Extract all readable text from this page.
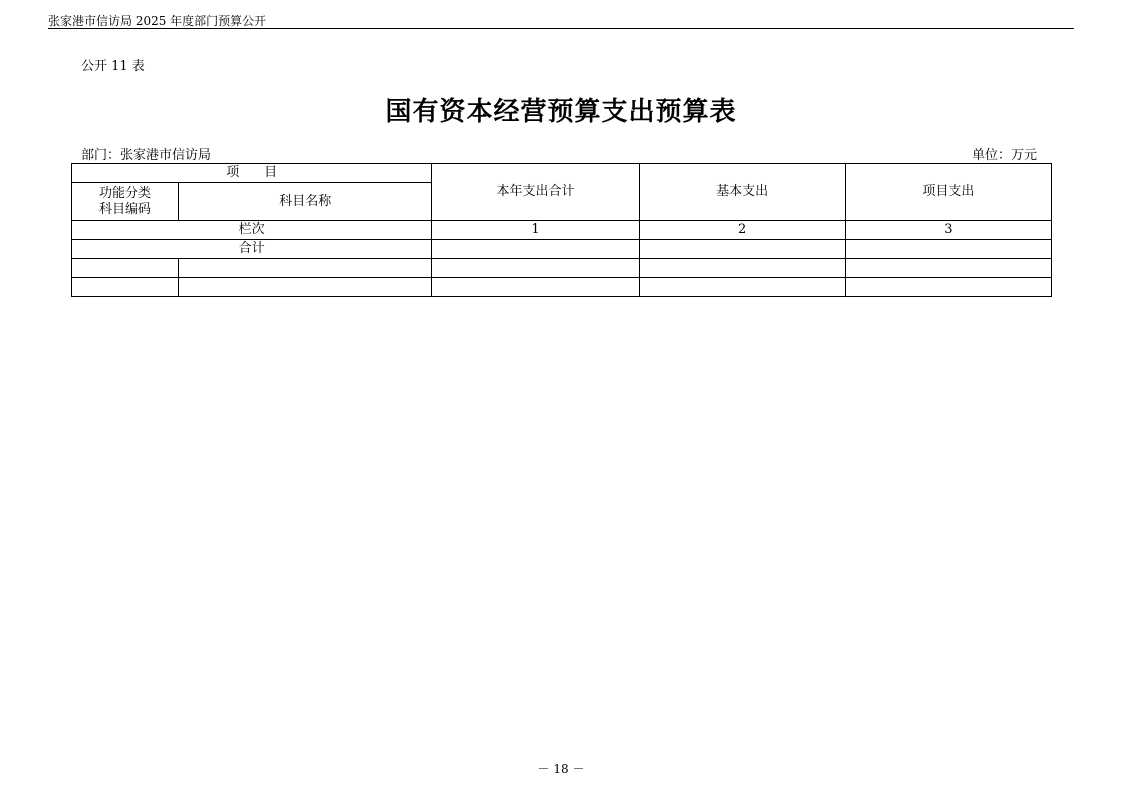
张家港市信访局 2025 年度部门预算公开
公开 11 表
国有资本经营预算支出预算表
部门：张家港市信访局	单位：万元
项      目		本年支出合计	基本支出	项目支出

功能分类
科目编码	科目名称			
栏次		1	2	3
合计				

－ 18 －
